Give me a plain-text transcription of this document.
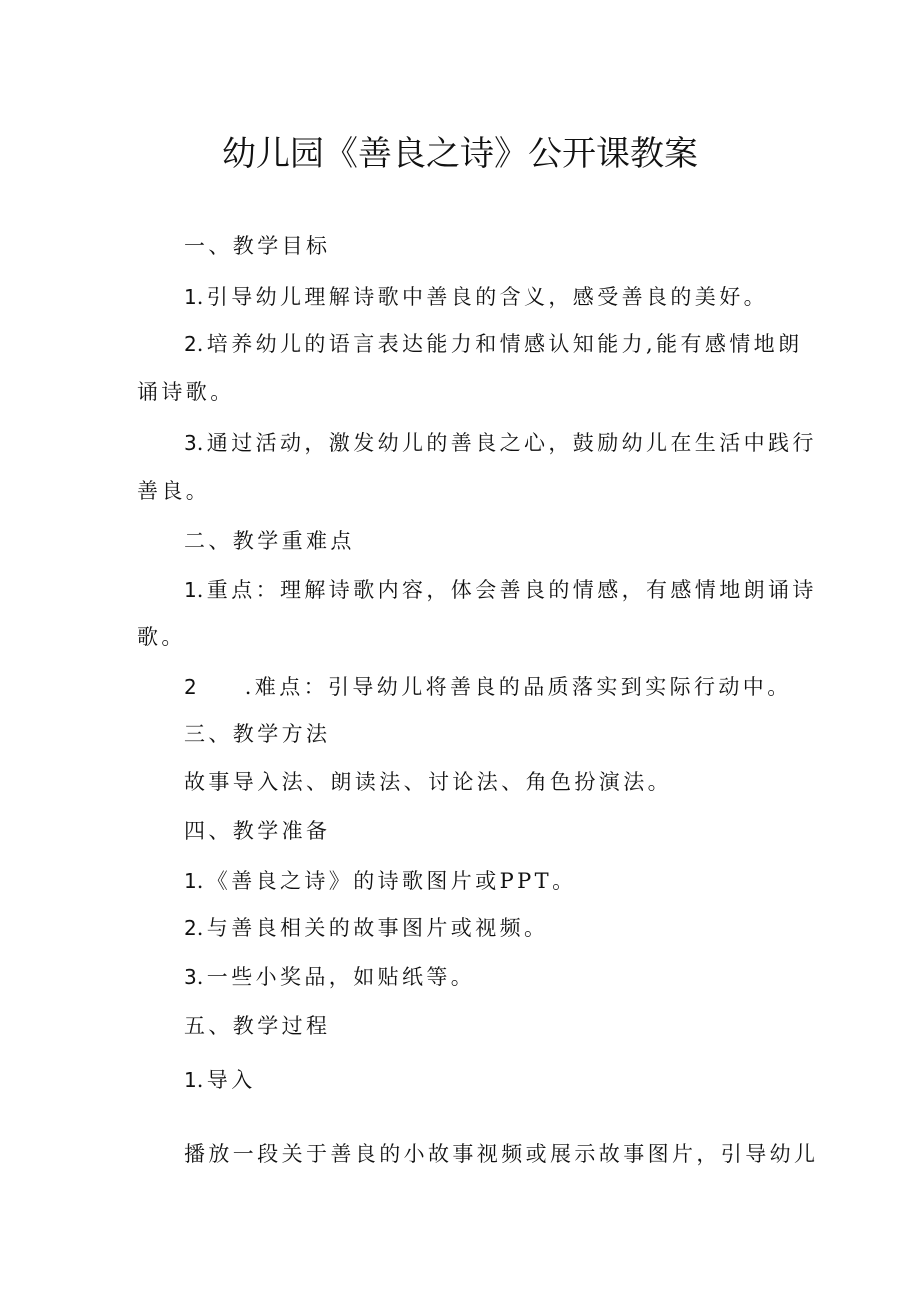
幼儿园《善良之诗》公开课教案
一、教学目标
1.引导幼儿理解诗歌中善良的含义，感受善良的美好。
2.培养幼儿的语言表达能力和情感认知能力,能有感情地朗
诵诗歌。
3.通过活动，激发幼儿的善良之心，鼓励幼儿在生活中践行
善良。
二、教学重难点
1.重点：理解诗歌内容，体会善良的情感，有感情地朗诵诗
歌。
2 .难点：引导幼儿将善良的品质落实到实际行动中。
三、教学方法
故事导入法、朗读法、讨论法、角色扮演法。
四、教学准备
1.《善良之诗》的诗歌图片或PPT。
2.与善良相关的故事图片或视频。
3.一些小奖品，如贴纸等。
五、教学过程
1.导入
播放一段关于善良的小故事视频或展示故事图片，引导幼儿
